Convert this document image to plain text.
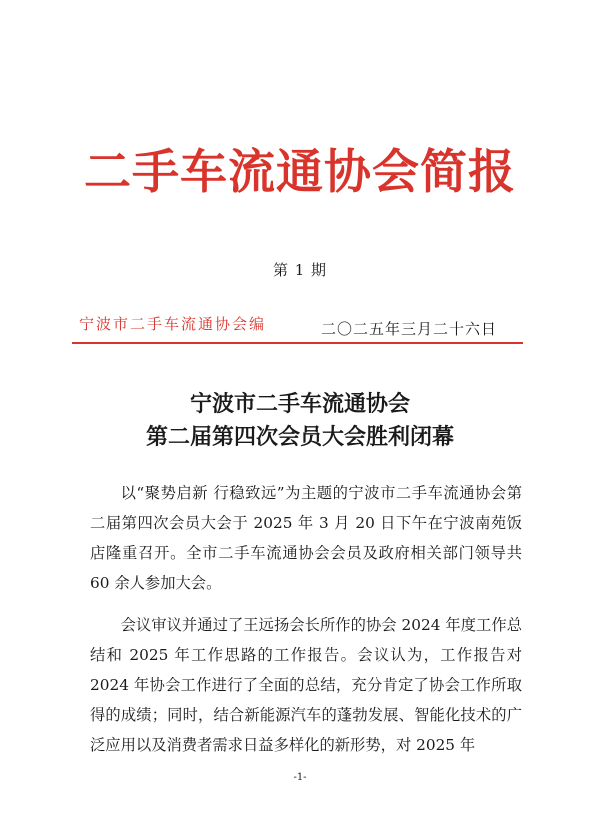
二手车流通协会简报
第 1 期
宁波市二手车流通协会编	二〇二五年三月二十六日
宁波市二手车流通协会
第二届第四次会员大会胜利闭幕

以“聚势启新 行稳致远”为主题的宁波市二手车流通协会第二届第四次会员大会于 2025 年 3 月 20 日下午在宁波南苑饭店隆重召开。全市二手车流通协会会员及政府相关部门领导共 60 余人参加大会。

会议审议并通过了王远扬会长所作的协会 2024 年度工作总结和 2025 年工作思路的工作报告。会议认为，工作报告对 2024 年协会工作进行了全面的总结，充分肯定了协会工作所取得的成绩；同时，结合新能源汽车的蓬勃发展、智能化技术的广泛应用以及消费者需求日益多样化的新形势，对 2025 年

-1-
